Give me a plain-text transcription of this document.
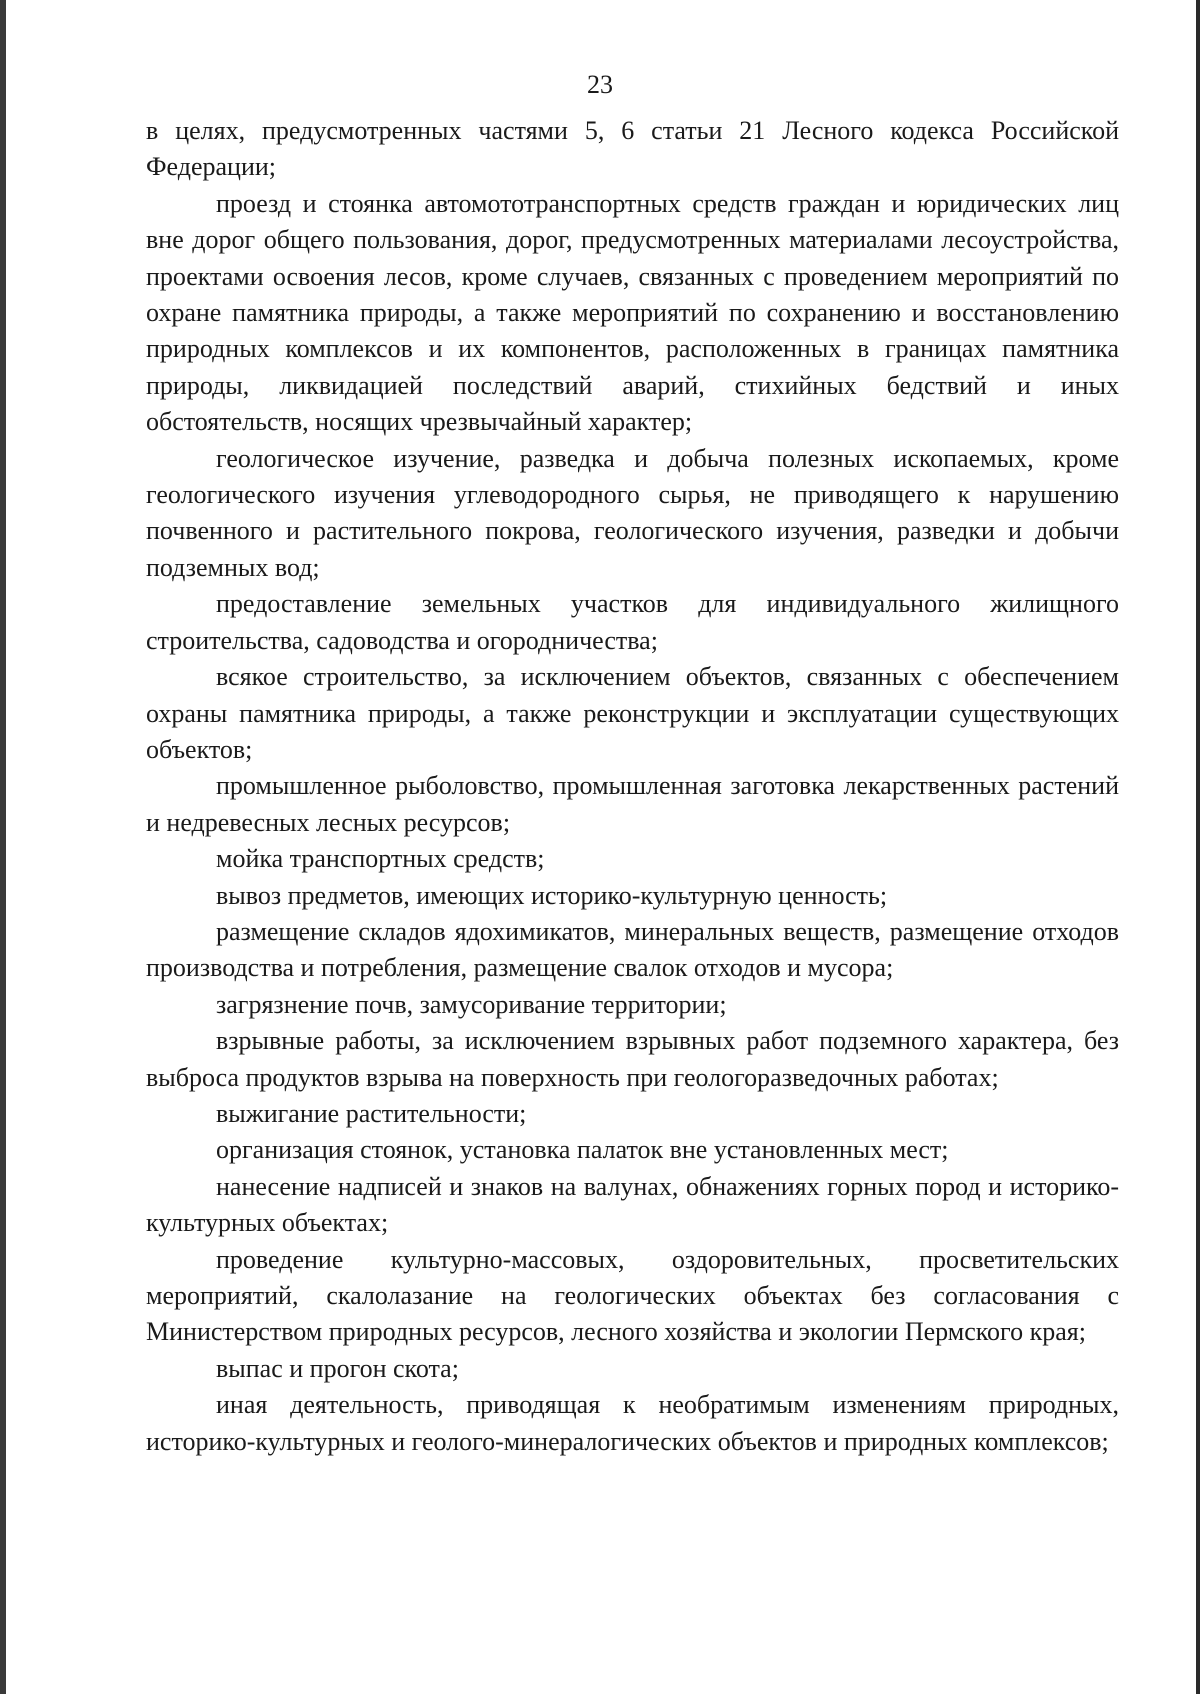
23

в целях, предусмотренных частями 5, 6 статьи 21 Лесного кодекса Российской Федерации;

проезд и стоянка автомототранспортных средств граждан и юридических лиц вне дорог общего пользования, дорог, предусмотренных материалами лесоустройства, проектами освоения лесов, кроме случаев, связанных с проведением мероприятий по охране памятника природы, а также мероприятий по сохранению и восстановлению природных комплексов и их компонентов, расположенных в границах памятника природы, ликвидацией последствий аварий, стихийных бедствий и иных обстоятельств, носящих чрезвычайный характер;

геологическое изучение, разведка и добыча полезных ископаемых, кроме геологического изучения углеводородного сырья, не приводящего к нарушению почвенного и растительного покрова, геологического изучения, разведки и добычи подземных вод;

предоставление земельных участков для индивидуального жилищного строительства, садоводства и огородничества;

всякое строительство, за исключением объектов, связанных с обеспечением охраны памятника природы, а также реконструкции и эксплуатации существующих объектов;

промышленное рыболовство, промышленная заготовка лекарственных растений и недревесных лесных ресурсов;

мойка транспортных средств;

вывоз предметов, имеющих историко-культурную ценность;

размещение складов ядохимикатов, минеральных веществ, размещение отходов производства и потребления, размещение свалок отходов и мусора;

загрязнение почв, замусоривание территории;

взрывные работы, за исключением взрывных работ подземного характера, без выброса продуктов взрыва на поверхность при геологоразведочных работах;

выжигание растительности;

организация стоянок, установка палаток вне установленных мест;

нанесение надписей и знаков на валунах, обнажениях горных пород и историко-культурных объектах;

проведение культурно-массовых, оздоровительных, просветительских мероприятий, скалолазание на геологических объектах без согласования с Министерством природных ресурсов, лесного хозяйства и экологии Пермского края;

выпас и прогон скота;

иная деятельность, приводящая к необратимым изменениям природных, историко-культурных и геолого-минералогических объектов и природных комплексов;
